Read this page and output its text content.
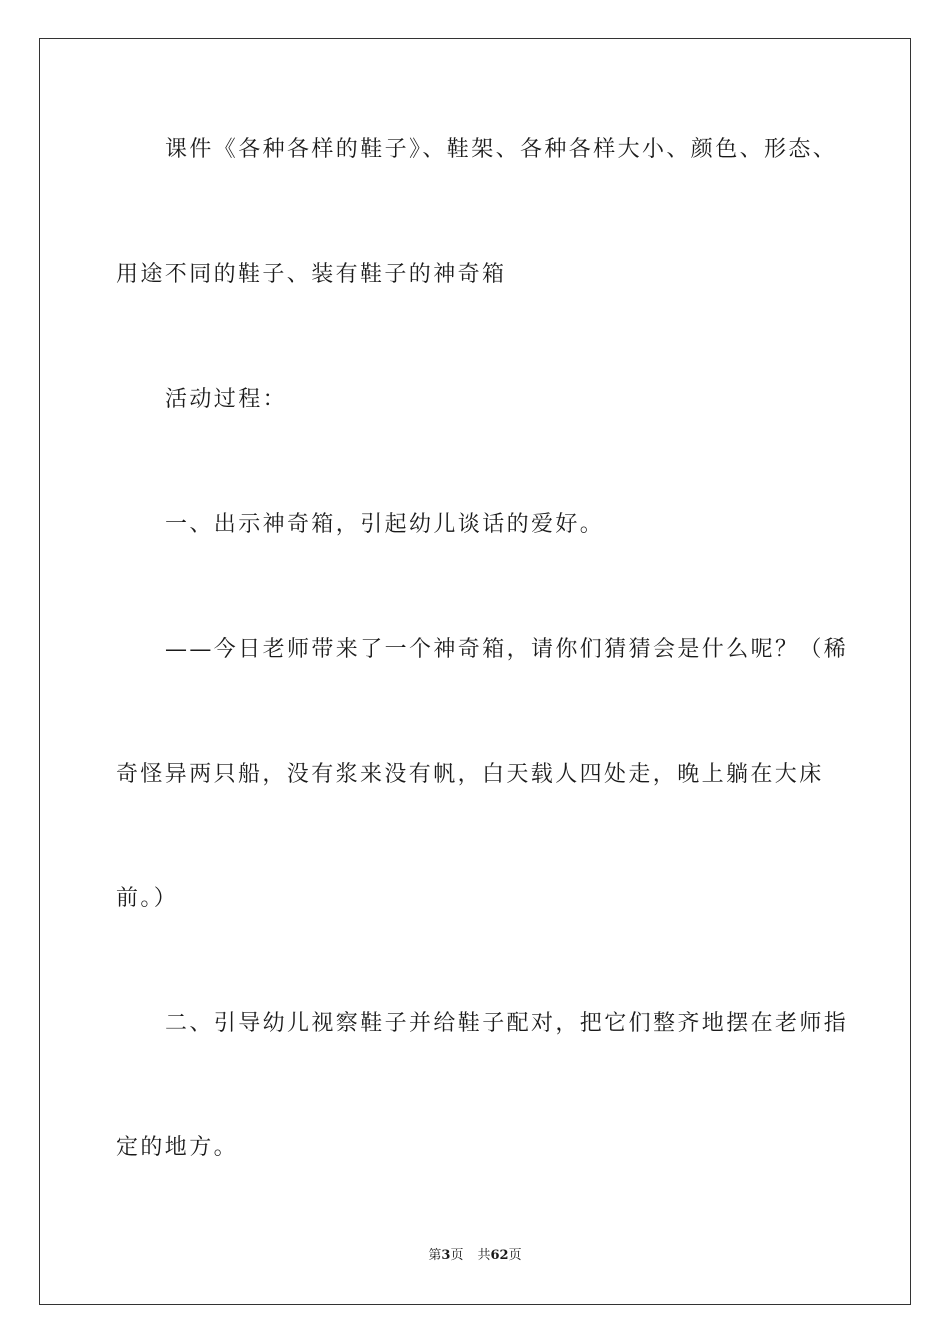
课件《各种各样的鞋子》、鞋架、各种各样大小、颜色、形态、
用途不同的鞋子、装有鞋子的神奇箱
活动过程：
一、出示神奇箱，引起幼儿谈话的爱好。
——今日老师带来了一个神奇箱，请你们猜猜会是什么呢？（稀
奇怪异两只船，没有浆来没有帆，白天载人四处走，晚上躺在大床
前。）
二、引导幼儿视察鞋子并给鞋子配对，把它们整齐地摆在老师指
定的地方。
第3页 共62页
